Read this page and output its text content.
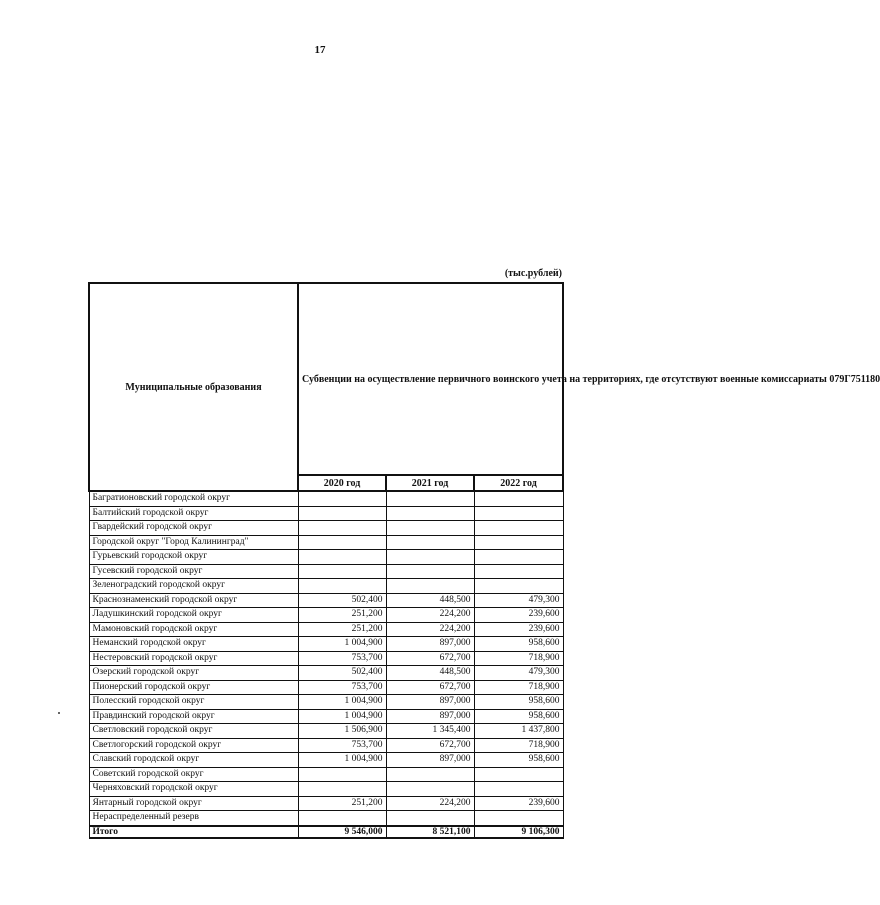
17
(тыс.рублей)
Муниципальные образования	Субвенции на осуществление первичного воинского учета на территориях, где отсутствуют военные комиссариаты 079Г751180		
	2020 год	2021 год	2022 год
Багратионовский городской округ			
Балтийский городской округ			
Гвардейский городской округ			
Городской округ "Город Калининград"			
Гурьевский городской округ			
Гусевский городской округ			
Зеленоградский городской округ			
Краснознаменский городской округ	502,400	448,500	479,300
Ладушкинский городской округ	251,200	224,200	239,600
Мамоновский городской округ	251,200	224,200	239,600
Неманский городской округ	1 004,900	897,000	958,600
Нестеровский городской округ	753,700	672,700	718,900
Озерский городской округ	502,400	448,500	479,300
Пионерский городской округ	753,700	672,700	718,900
Полесский городской округ	1 004,900	897,000	958,600
Правдинский городской округ	1 004,900	897,000	958,600
Светловский городской округ	1 506,900	1 345,400	1 437,800
Светлогорский городской округ	753,700	672,700	718,900
Славский городской округ	1 004,900	897,000	958,600
Советский городской округ			
Черняховский городской округ			
Янтарный городской округ	251,200	224,200	239,600
Нераспределенный резерв			
Итого	9 546,000	8 521,100	9 106,300
